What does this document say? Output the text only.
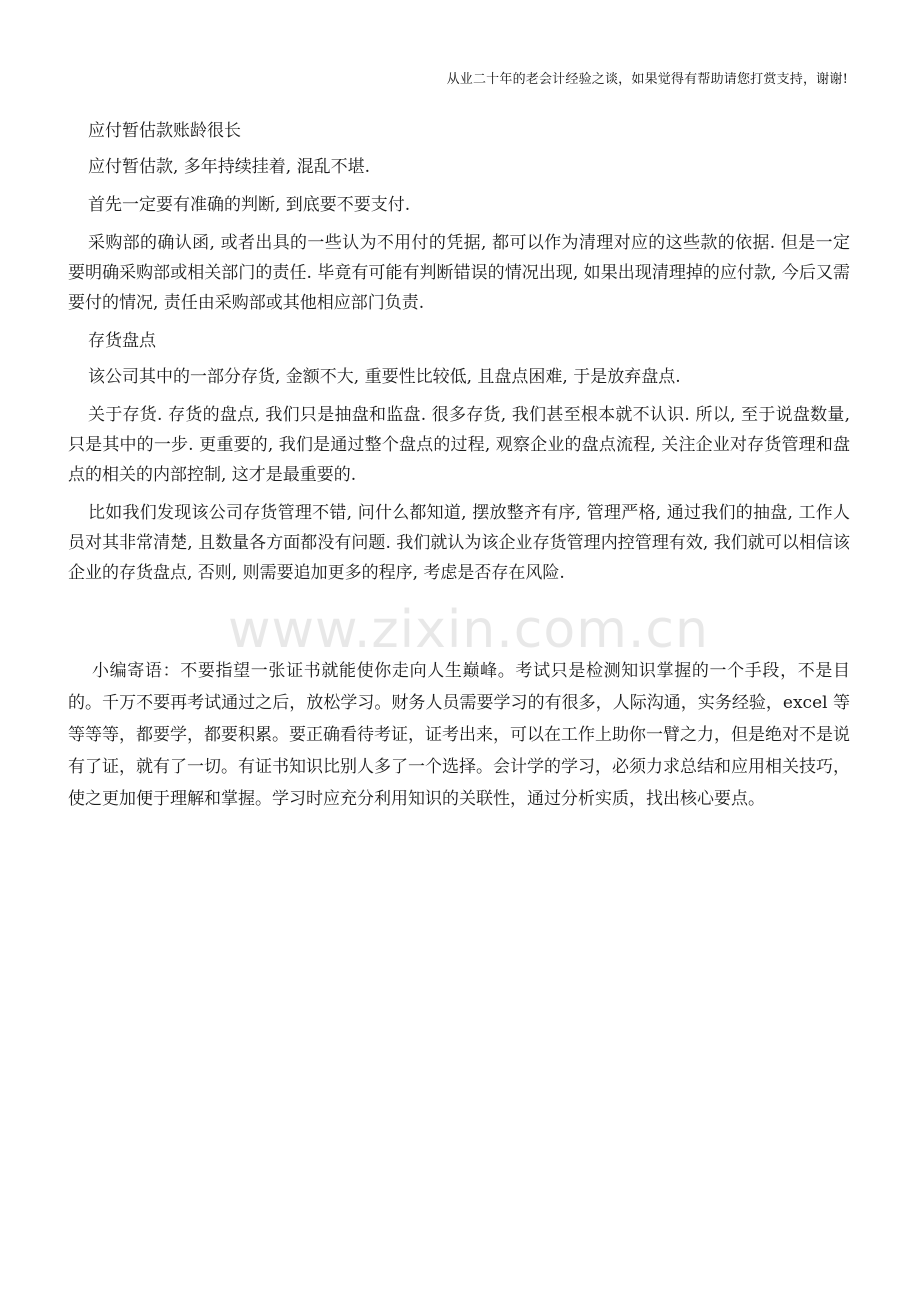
从业二十年的老会计经验之谈，如果觉得有帮助请您打赏支持，谢谢!

应付暂估款账龄很长

应付暂估款, 多年持续挂着, 混乱不堪.

首先一定要有准确的判断, 到底要不要支付.

采购部的确认函, 或者出具的一些认为不用付的凭据, 都可以作为清理对应的这些款的依据. 但是一定要明确采购部或相关部门的责任. 毕竟有可能有判断错误的情况出现, 如果出现清理掉的应付款, 今后又需要付的情况, 责任由采购部或其他相应部门负责.

存货盘点

该公司其中的一部分存货, 金额不大, 重要性比较低, 且盘点困难, 于是放弃盘点.

关于存货. 存货的盘点, 我们只是抽盘和监盘. 很多存货, 我们甚至根本就不认识. 所以, 至于说盘数量, 只是其中的一步. 更重要的, 我们是通过整个盘点的过程, 观察企业的盘点流程, 关注企业对存货管理和盘点的相关的内部控制, 这才是最重要的.

比如我们发现该公司存货管理不错, 问什么都知道, 摆放整齐有序, 管理严格, 通过我们的抽盘, 工作人员对其非常清楚, 且数量各方面都没有问题. 我们就认为该企业存货管理内控管理有效, 我们就可以相信该企业的存货盘点, 否则, 则需要追加更多的程序, 考虑是否存在风险.

www.zixin.com.cn

小编寄语：不要指望一张证书就能使你走向人生巅峰。考试只是检测知识掌握的一个手段，不是目的。千万不要再考试通过之后，放松学习。财务人员需要学习的有很多，人际沟通，实务经验，excel 等等等等，都要学，都要积累。要正确看待考证，证考出来，可以在工作上助你一臂之力，但是绝对不是说有了证，就有了一切。有证书知识比别人多了一个选择。会计学的学习，必须力求总结和应用相关技巧，使之更加便于理解和掌握。学习时应充分利用知识的关联性，通过分析实质，找出核心要点。
